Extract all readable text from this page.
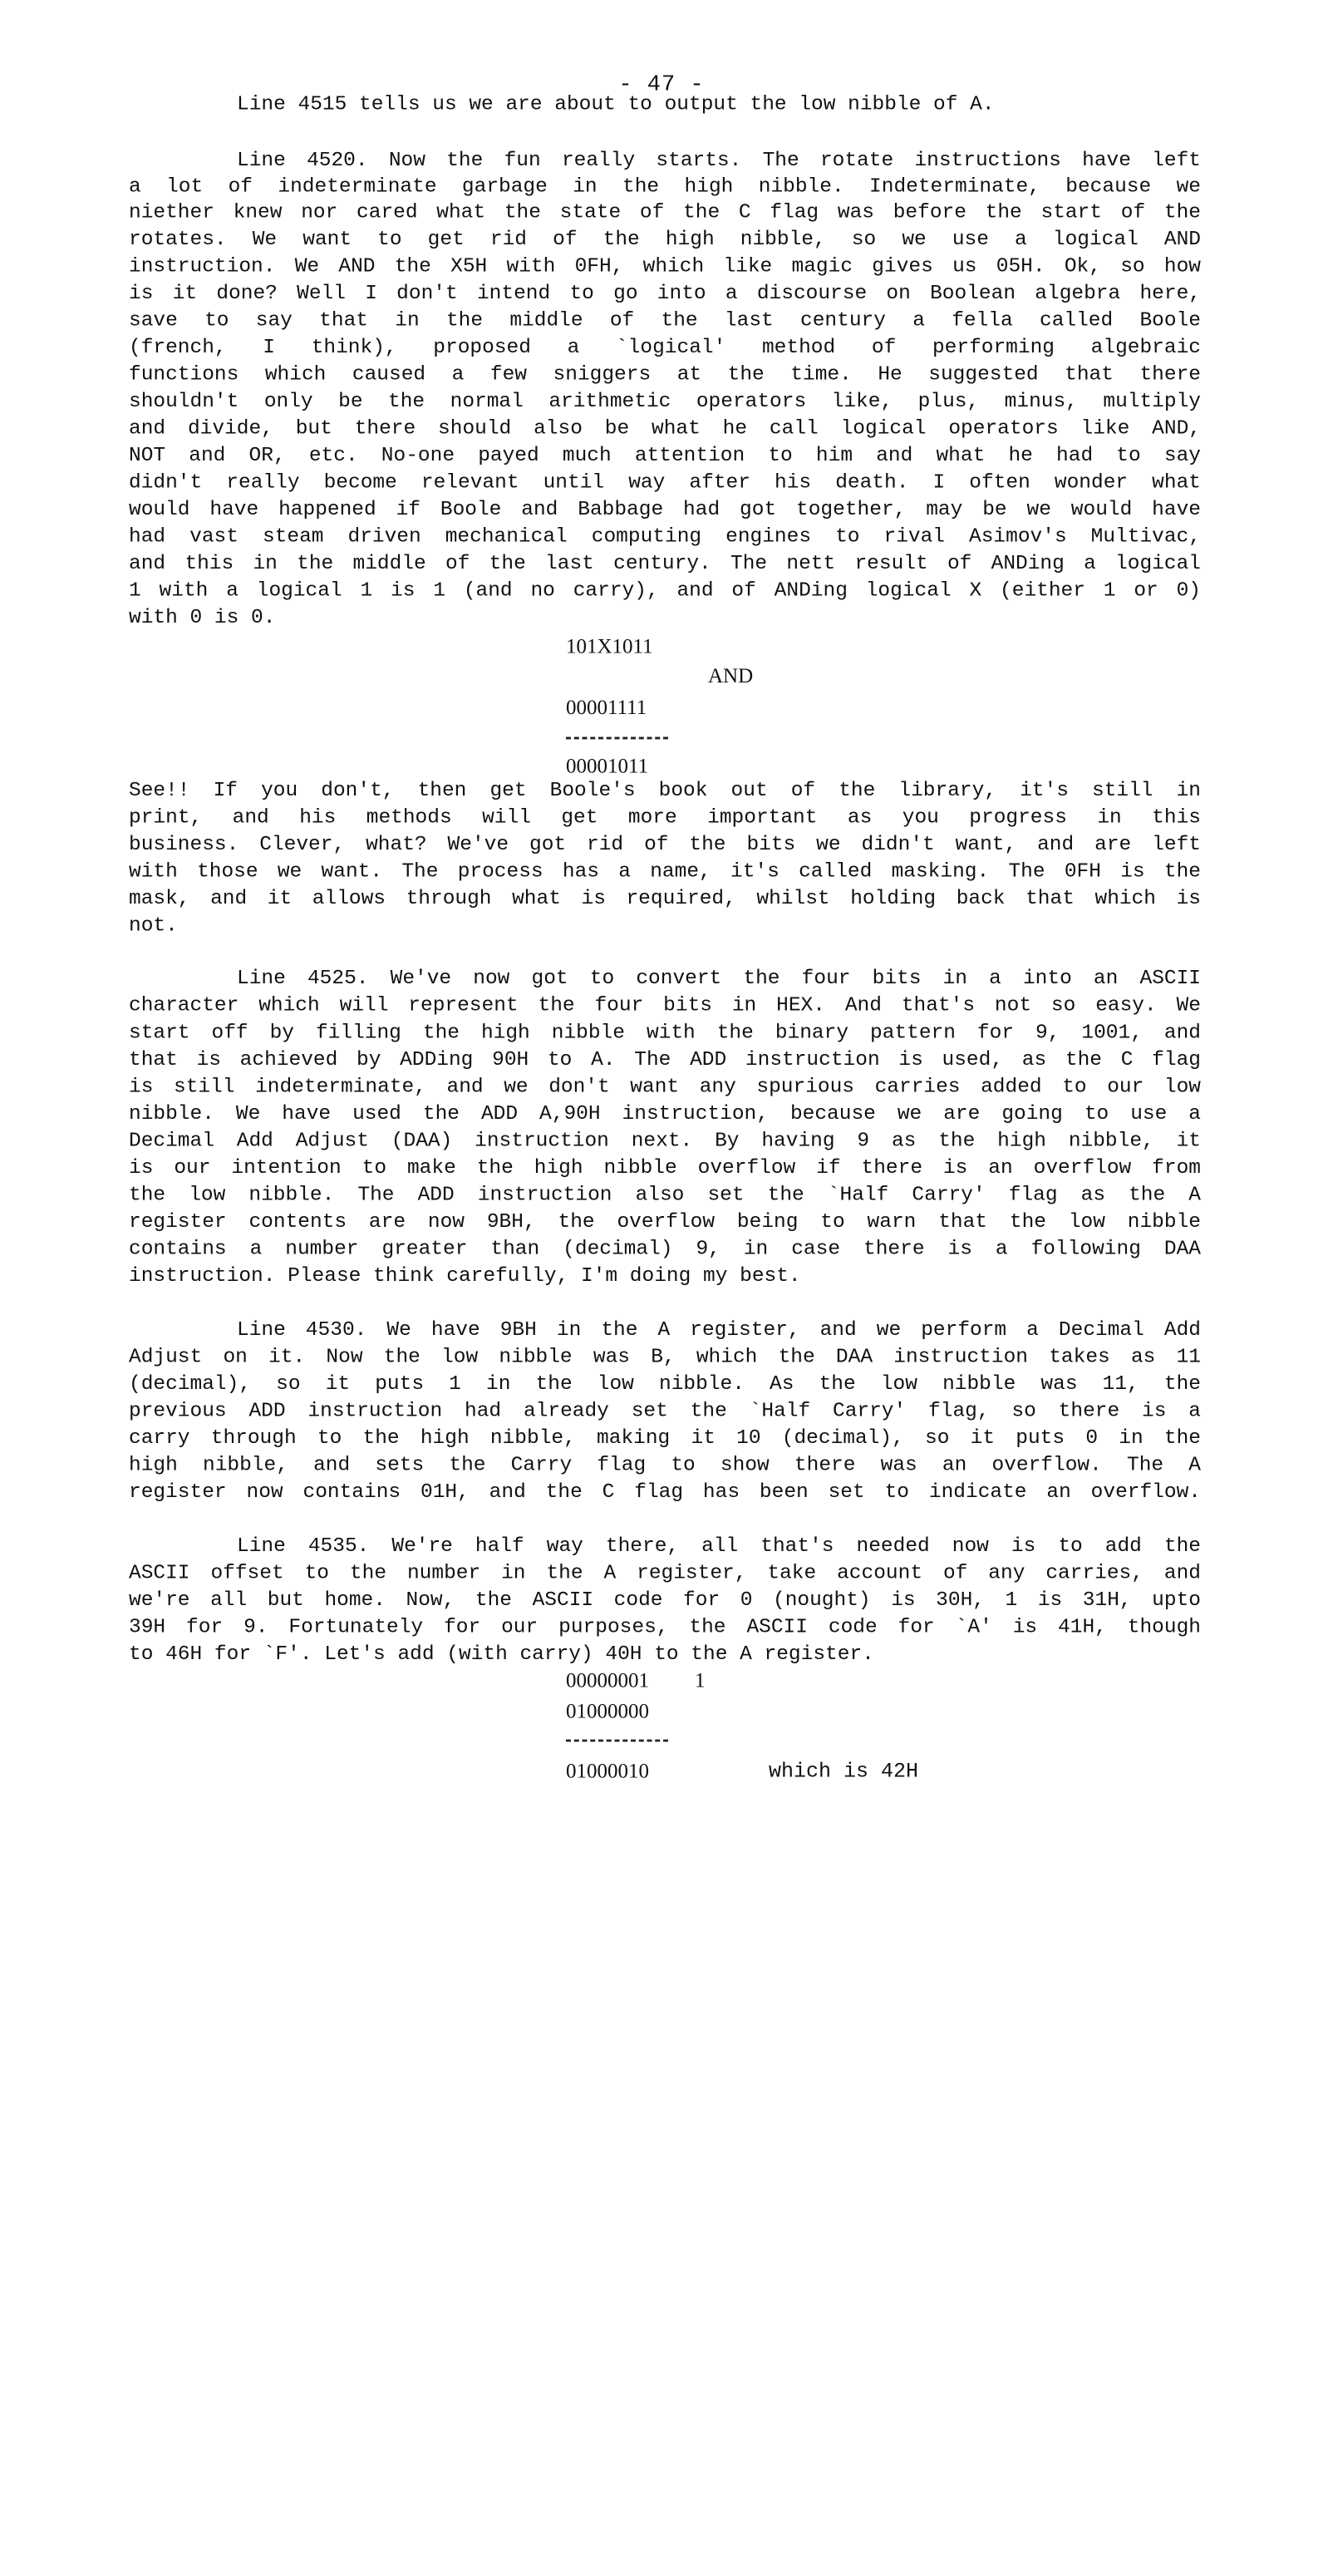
- 47 -
Line 4515 tells us we are about to output the low nibble of A.
Line 4520. Now the fun really starts. The rotate instructions have left
a lot of indeterminate garbage in the high nibble. Indeterminate, because we
niether knew nor cared what the state of the C flag was before the start of the
rotates. We want to get rid of the high nibble, so we use a logical AND
instruction. We AND the X5H with 0FH, which like magic gives us 05H. Ok, so how
is it done? Well I don't intend to go into a discourse on Boolean algebra here,
save to say that in the middle of the last century a fella called Boole
(french, I think), proposed a `logical' method of performing algebraic
functions which caused a few sniggers at the time. He suggested that there
shouldn't only be the normal arithmetic operators like, plus, minus, multiply
and divide, but there should also be what he call logical operators like AND,
NOT and OR, etc. No-one payed much attention to him and what he had to say
didn't really become relevant until way after his death. I often wonder what
would have happened if Boole and Babbage had got together, may be we would have
had vast steam driven mechanical computing engines to rival Asimov's Multivac,
and this in the middle of the last century. The nett result of ANDing a logical
1 with a logical 1 is 1 (and no carry), and of ANDing logical X (either 1 or 0)
with 0 is 0.
101X1011
AND
00001111
00001011
See!! If you don't, then get Boole's book out of the library, it's still in
print, and his methods will get more important as you progress in this
business. Clever, what? We've got rid of the bits we didn't want, and are left
with those we want. The process has a name, it's called masking. The 0FH is the
mask, and it allows through what is required, whilst holding back that which is
not.
Line 4525. We've now got to convert the four bits in a into an ASCII
character which will represent the four bits in HEX. And that's not so easy. We
start off by filling the high nibble with the binary pattern for 9, 1001, and
that is achieved by ADDing 90H to A. The ADD instruction is used, as the C flag
is still indeterminate, and we don't want any spurious carries added to our low
nibble. We have used the ADD A,90H instruction, because we are going to use a
Decimal Add Adjust (DAA) instruction next. By having 9 as the high nibble, it
is our intention to make the high nibble overflow if there is an overflow from
the low nibble. The ADD instruction also set the `Half Carry' flag as the A
register contents are now 9BH, the overflow being to warn that the low nibble
contains a number greater than (decimal) 9, in case there is a following DAA
instruction. Please think carefully, I'm doing my best.
Line 4530. We have 9BH in the A register, and we perform a Decimal Add
Adjust on it. Now the low nibble was B, which the DAA instruction takes as 11
(decimal), so it puts 1 in the low nibble. As the low nibble was 11, the
previous ADD instruction had already set the `Half Carry' flag, so there is a
carry through to the high nibble, making it 10 (decimal), so it puts 0 in the
high nibble, and sets the Carry flag to show there was an overflow. The A
register now contains 01H, and the C flag has been set to indicate an overflow.
Line 4535. We're half way there, all that's needed now is to add the
ASCII offset to the number in the A register, take account of any carries, and
we're all but home. Now, the ASCII code for 0 (nought) is 30H, 1 is 31H, upto
39H for 9. Fortunately for our purposes, the ASCII code for `A' is 41H, though
to 46H for `F'. Let's add (with carry) 40H to the A register.
00000001 1
01000000
01000010	which is 42H
